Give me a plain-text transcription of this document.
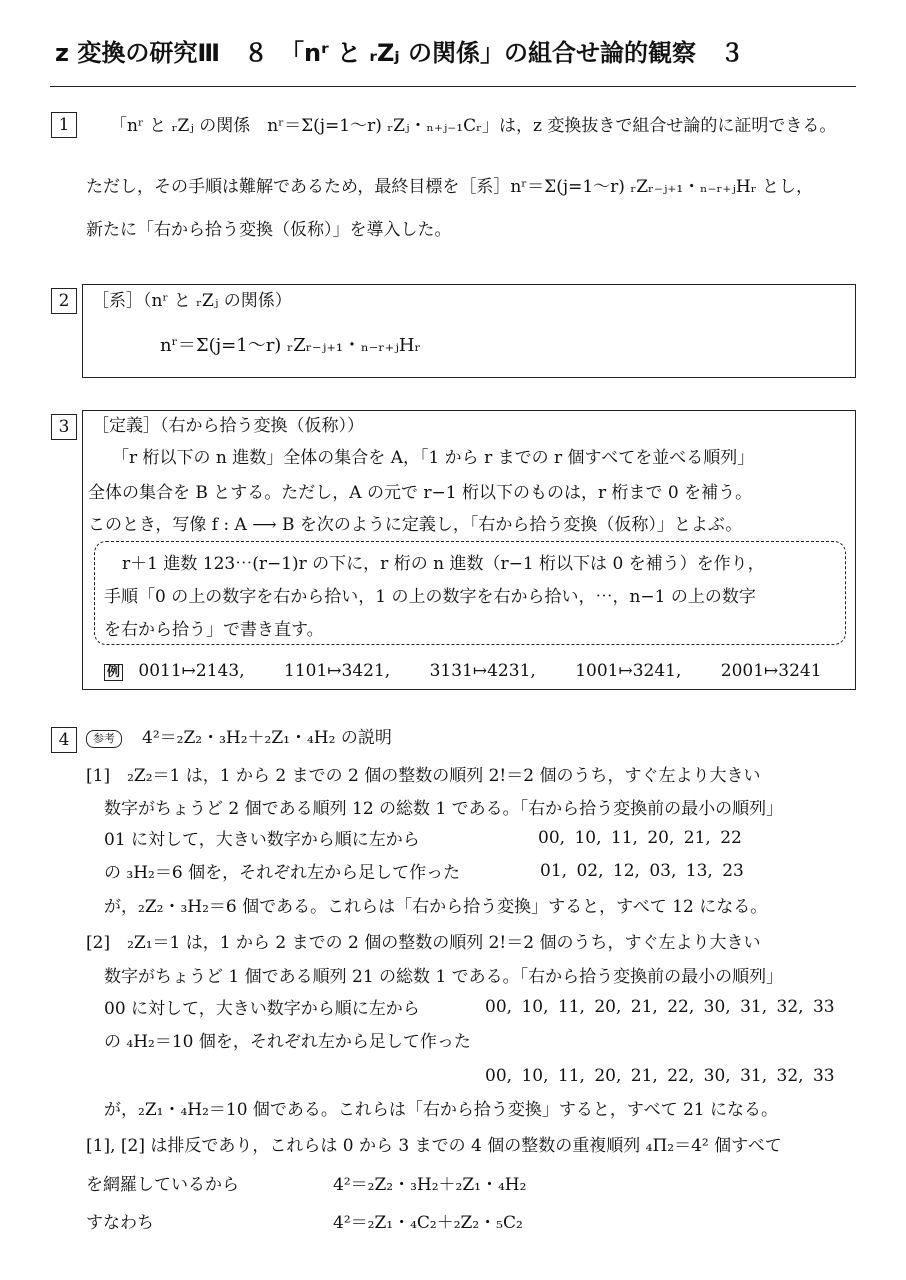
z 変換の研究Ⅲ　８　「nʳ と ᵣZⱼ の関係」の組合せ論的観察　３
1	「nʳ と ᵣZⱼ の関係　nʳ＝Σ(j=1〜r) ᵣZⱼ・ₙ₊ⱼ₋₁Cᵣ」は，z 変換抜きで組合せ論的に証明できる。
ただし，その手順は難解であるため，最終目標を［系］nʳ＝Σ(j=1〜r) ᵣZᵣ₋ⱼ₊₁・ₙ₋ᵣ₊ⱼHᵣ とし，
新たに「右から拾う変換（仮称）」を導入した。
2	［系］（nʳ と ᵣZⱼ の関係）
nʳ＝Σ(j=1〜r) ᵣZᵣ₋ⱼ₊₁・ₙ₋ᵣ₊ⱼHᵣ
3	［定義］（右から拾う変換（仮称））
「r 桁以下の n 進数」全体の集合を A，「1 から r までの r 個すべてを並べる順列」
全体の集合を B とする。ただし，A の元で r−1 桁以下のものは，r 桁まで 0 を補う。
このとき，写像 f : A ⟶ B を次のように定義し，「右から拾う変換（仮称）」とよぶ。
r＋1 進数 123⋯(r−1)r の下に，r 桁の n 進数（r−1 桁以下は 0 を補う）を作り，
手順「0 の上の数字を右から拾い，1 の上の数字を右から拾い，⋯，n−1 の上の数字
を右から拾う」で書き直す。
例 0011↦2143, 1101↦3421, 3131↦4231, 1001↦3241, 2001↦3241
4	参考	4²＝₂Z₂・₃H₂＋₂Z₁・₄H₂ の説明
[1]　₂Z₂＝1 は，1 から 2 までの 2 個の整数の順列 2!＝2 個のうち，すぐ左より大きい
数字がちょうど 2 個である順列 12 の総数 1 である。「右から拾う変換前の最小の順列」
01 に対して，大きい数字から順に左から	00, 10, 11, 20, 21, 22
の ₃H₂＝6 個を，それぞれ左から足して作った	01, 02, 12, 03, 13, 23
が，₂Z₂・₃H₂＝6 個である。これらは「右から拾う変換」すると，すべて 12 になる。
[2]　₂Z₁＝1 は，1 から 2 までの 2 個の整数の順列 2!＝2 個のうち，すぐ左より大きい
数字がちょうど 1 個である順列 21 の総数 1 である。「右から拾う変換前の最小の順列」
00 に対して，大きい数字から順に左から	00, 10, 11, 20, 21, 22, 30, 31, 32, 33
の ₄H₂＝10 個を，それぞれ左から足して作った
00, 10, 11, 20, 21, 22, 30, 31, 32, 33
が，₂Z₁・₄H₂＝10 個である。これらは「右から拾う変換」すると，すべて 21 になる。
[1], [2] は排反であり，これらは 0 から 3 までの 4 個の整数の重複順列 ₄Π₂＝4² 個すべて
を網羅しているから	4²＝₂Z₂・₃H₂＋₂Z₁・₄H₂
すなわち	4²＝₂Z₁・₄C₂＋₂Z₂・₅C₂
